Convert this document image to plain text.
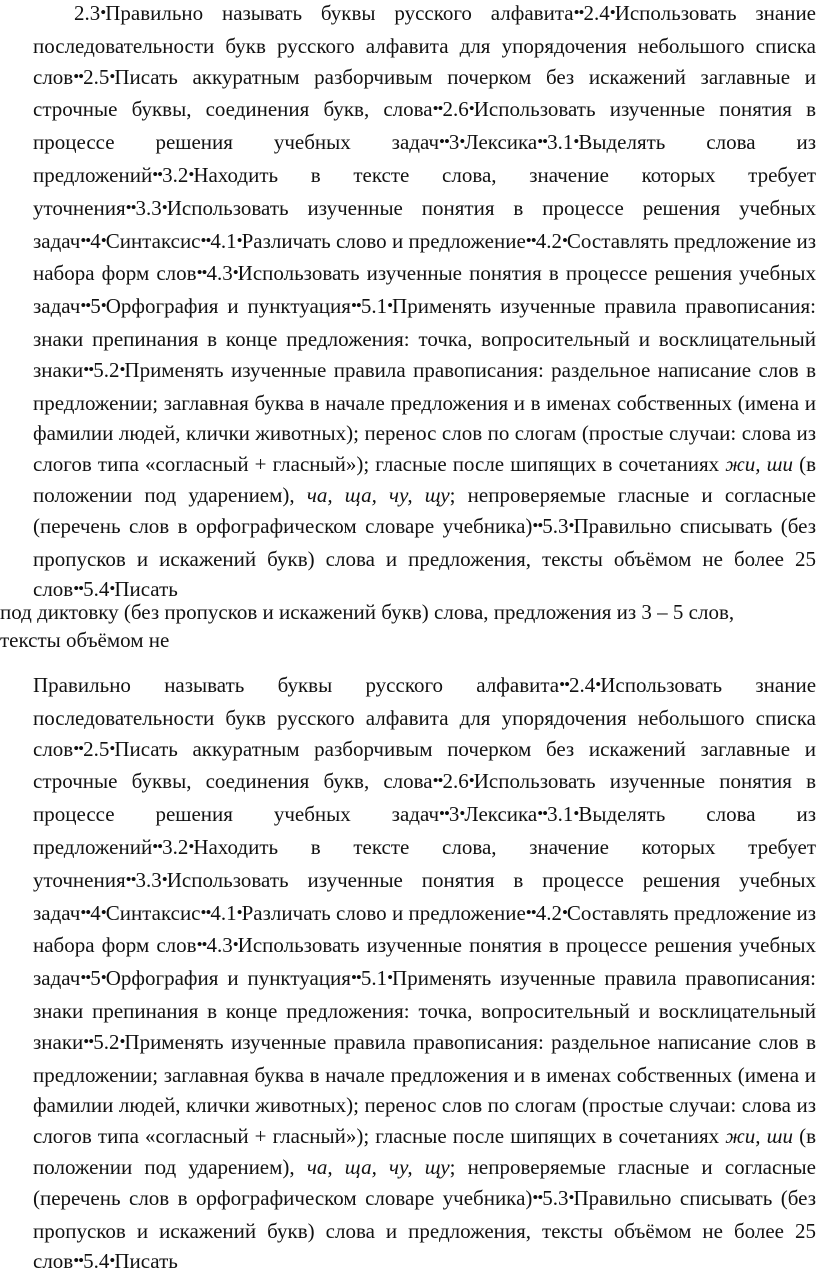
2.3•Правильно называть буквы русского алфавита••2.4•Использовать знание последовательности букв русского алфавита для упорядочения небольшого списка слов••2.5•Писать аккуратным разборчивым почерком без искажений заглавные и строчные буквы, соединения букв, слова••2.6•Использовать изученные понятия в процессе решения учебных задач••3•Лексика••3.1•Выделять слова из предложений••3.2•Находить в тексте слова, значение которых требует уточнения••3.3•Использовать изученные понятия в процессе решения учебных задач••4•Синтаксис••4.1•Различать слово и предложение••4.2•Составлять предложение из набора форм слов••4.3•Использовать изученные понятия в процессе решения учебных задач••5•Орфография и пунктуация••5.1•Применять изученные правила правописания: знаки препинания в конце предложения: точка, вопросительный и восклицательный знаки••5.2•Применять изученные правила правописания: раздельное написание слов в предложении; заглавная буква в начале предложения и в именах собственных (имена и фамилии людей, клички животных); перенос слов по слогам (простые случаи: слова из слогов типа «согласный + гласный»); гласные после шипящих в сочетаниях жи, ши (в положении под ударением), ча, ща, чу, щу; непроверяемые гласные и согласные (перечень слов в орфографическом словаре учебника)••5.3•Правильно списывать (без пропусков и искажений букв) слова и предложения, тексты объёмом не более 25 слов••5.4•Писать
под диктовку (без пропусков и искажений букв) слова, предложения из 3 – 5 слов,
тексты объёмом не
Правильно называть буквы русского алфавита••2.4•Использовать знание последовательности букв русского алфавита для упорядочения небольшого списка слов••2.5•Писать аккуратным разборчивым почерком без искажений заглавные и строчные буквы, соединения букв, слова••2.6•Использовать изученные понятия в процессе решения учебных задач••3•Лексика••3.1•Выделять слова из предложений••3.2•Находить в тексте слова, значение которых требует уточнения••3.3•Использовать изученные понятия в процессе решения учебных задач••4•Синтаксис••4.1•Различать слово и предложение••4.2•Составлять предложение из набора форм слов••4.3•Использовать изученные понятия в процессе решения учебных задач••5•Орфография и пунктуация••5.1•Применять изученные правила правописания: знаки препинания в конце предложения: точка, вопросительный и восклицательный знаки••5.2•Применять изученные правила правописания: раздельное написание слов в предложении; заглавная буква в начале предложения и в именах собственных (имена и фамилии людей, клички животных); перенос слов по слогам (простые случаи: слова из слогов типа «согласный + гласный»); гласные после шипящих в сочетаниях жи, ши (в положении под ударением), ча, ща, чу, щу; непроверяемые гласные и согласные (перечень слов в орфографическом словаре учебника)••5.3•Правильно списывать (без пропусков и искажений букв) слова и предложения, тексты объёмом не более 25 слов••5.4•Писать
